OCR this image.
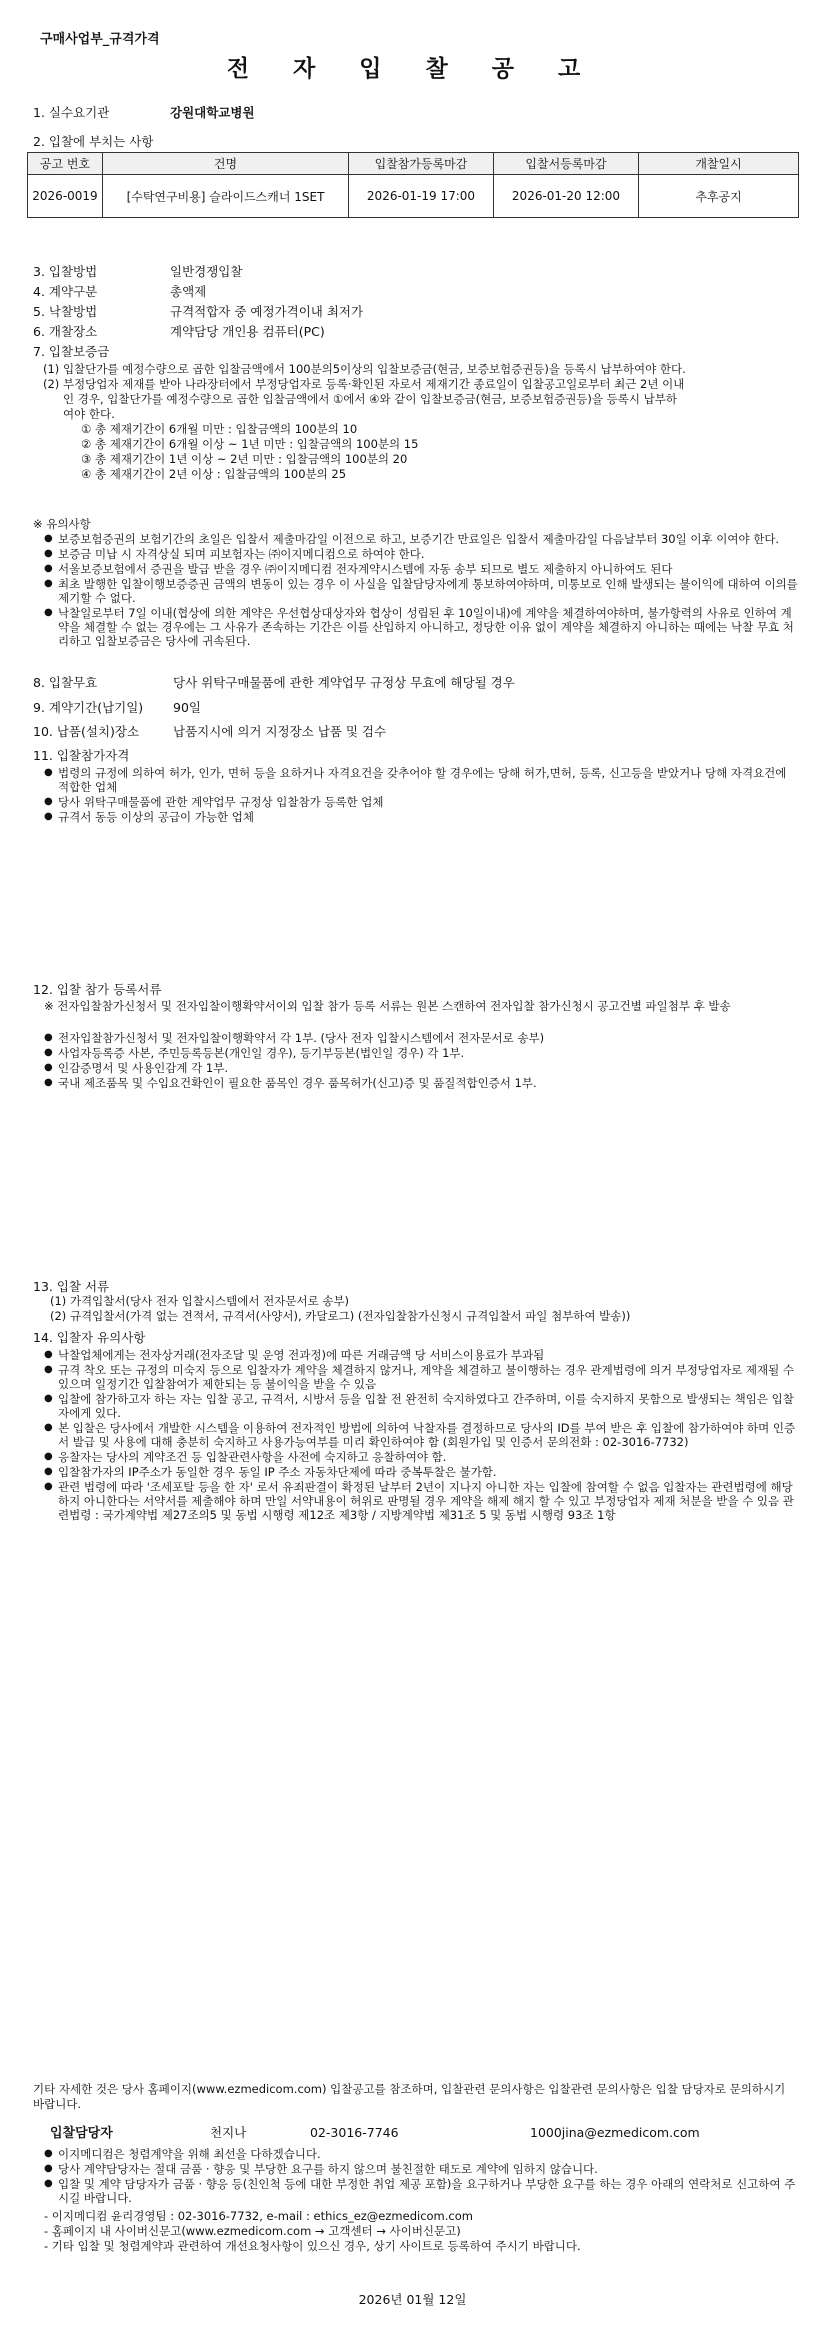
구매사업부_규격가격
전 자 입 찰 공 고
1. 실수요기관	강원대학교병원
2. 입찰에 부치는 사항
공고 번호	건명	입찰참가등록마감	입찰서등록마감	개찰일시
2026-0019	[수탁연구비용] 슬라이드스캐너 1SET	2026-01-19 17:00	2026-01-20 12:00	추후공지
3. 입찰방법	일반경쟁입찰
4. 계약구분	총액제
5. 낙찰방법	규격적합자 중 예정가격이내 최저가
6. 개찰장소	계약담당 개인용 컴퓨터(PC)
7. 입찰보증금
(1) 입찰단가를 예정수량으로 곱한 입찰금액에서 100분의5이상의 입찰보증금(현금, 보증보험증권등)을 등록시 납부하여야 한다.
(2) 부정당업자 제재를 받아 나라장터에서 부정당업자로 등록·확인된 자로서 제재기간 종료일이 입찰공고일로부터 최근 2년 이내
인 경우, 입찰단가를 예정수량으로 곱한 입찰금액에서 ①에서 ④와 같이 입찰보증금(현금, 보증보험증권등)을 등록시 납부하
여야 한다.
① 총 제재기간이 6개월 미만 : 입찰금액의 100분의 10
② 총 제재기간이 6개월 이상 ~ 1년 미만 : 입찰금액의 100분의 15
③ 총 제재기간이 1년 이상 ~ 2년 미만 : 입찰금액의 100분의 20
④ 총 제재기간이 2년 이상 : 입찰금액의 100분의 25
※ 유의사항
● 보증보험증권의 보험기간의 초일은 입찰서 제출마감일 이전으로 하고, 보증기간 만료일은 입찰서 제출마감일 다음날부터 30일 이후 이여야 한다.
● 보증금 미납 시 자격상실 되며 피보험자는 ㈜이지메디컴으로 하여야 한다.
● 서울보증보험에서 증권을 발급 받을 경우 ㈜이지메디컴 전자계약시스템에 자동 송부 되므로 별도 제출하지 아니하여도 된다
● 최초 발행한 입찰이행보증증권 금액의 변동이 있는 경우 이 사실을 입찰담당자에게 통보하여야하며, 미통보로 인해 발생되는 불이익에 대하여 이의를 제기할 수 없다.
● 낙찰일로부터 7일 이내(협상에 의한 계약은 우선협상대상자와 협상이 성립된 후 10일이내)에 계약을 체결하여야하며, 불가항력의 사유로 인하여 계약을 체결할 수 없는 경우에는 그 사유가 존속하는 기간은 이를 산입하지 아니하고, 정당한 이유 없이 계약을 체결하지 아니하는 때에는 낙찰 무효 처리하고 입찰보증금은 당사에 귀속된다.
8. 입찰무효	당사 위탁구매물품에 관한 계약업무 규정상 무효에 해당될 경우
9. 계약기간(납기일) 90일
10. 납품(설치)장소	납품지시에 의거 지정장소 납품 및 검수
11. 입찰참가자격
● 법령의 규정에 의하여 허가, 인가, 면허 등을 요하거나 자격요건을 갖추어야 할 경우에는 당해 허가,면허, 등록, 신고등을 받았거나 당해 자격요건에 적합한 업체
● 당사 위탁구매물품에 관한 계약업무 규정상 입찰참가 등록한 업체
● 규격서 동등 이상의 공급이 가능한 업체
12. 입찰 참가 등록서류
※ 전자입찰참가신청서 및 전자입찰이행확약서이외 입찰 참가 등록 서류는 원본 스캔하여 전자입찰 참가신청시 공고건별 파일첨부 후 발송
● 전자입찰참가신청서 및 전자입찰이행확약서 각 1부. (당사 전자 입찰시스템에서 전자문서로 송부)
● 사업자등록증 사본, 주민등록등본(개인일 경우), 등기부등본(법인일 경우) 각 1부.
● 인감증명서 및 사용인감계 각 1부.
● 국내 제조품목 및 수입요건확인이 필요한 품목인 경우 품목허가(신고)증 및 품질적합인증서 1부.
13. 입찰 서류
(1) 가격입찰서(당사 전자 입찰시스템에서 전자문서로 송부)
(2) 규격입찰서(가격 없는 견적서, 규격서(사양서), 카달로그) (전자입찰참가신청시 규격입찰서 파일 첨부하여 발송))
14. 입찰자 유의사항
● 낙찰업체에게는 전자상거래(전자조달 및 운영 전과정)에 따른 거래금액 당 서비스이용료가 부과됨
● 규격 착오 또는 규정의 미숙지 등으로 입찰자가 계약을 체결하지 않거나, 계약을 체결하고 불이행하는 경우 관계법령에 의거 부정당업자로 제재될 수 있으며 일정기간 입찰참여가 제한되는 등 불이익을 받을 수 있음
● 입찰에 참가하고자 하는 자는 입찰 공고, 규격서, 시방서 등을 입찰 전 완전히 숙지하였다고 간주하며, 이를 숙지하지 못함으로 발생되는 책임은 입찰자에게 있다.
● 본 입찰은 당사에서 개발한 시스템을 이용하여 전자적인 방법에 의하여 낙찰자를 결정하므로 당사의 ID를 부여 받은 후 입찰에 참가하여야 하며 인증서 발급 및 사용에 대해 충분히 숙지하고 사용가능여부를 미리 확인하여야 함 (회원가입 및 인증서 문의전화 : 02-3016-7732)
● 응찰자는 당사의 계약조건 등 입찰관련사항을 사전에 숙지하고 응찰하여야 함.
● 입찰참가자의 IP주소가 동일한 경우 동일 IP 주소 자동차단제에 따라 중복투찰은 불가함.
● 관련 법령에 따라 '조세포탈 등을 한 자' 로서 유죄판결이 확정된 날부터 2년이 지나지 아니한 자는 입찰에 참여할 수 없음 입찰자는 관련법령에 해당하지 아니한다는 서약서를 제출해야 하며 만일 서약내용이 허위로 판명될 경우 계약을 해제 해지 할 수 있고 부정당업자 제재 처분을 받을 수 있음 관련법령 : 국가계약법 제27조의5 및 동법 시행령 제12조 제3항 / 지방계약법 제31조 5 및 동법 시행령 93조 1항
기타 자세한 것은 당사 홈페이지(www.ezmedicom.com) 입찰공고를 참조하며, 입찰관련 문의사항은 입찰관련 문의사항은 입찰 담당자로 문의하시기 바랍니다.
입찰담당자	천지나	02-3016-7746	1000jina@ezmedicom.com
● 이지메디컴은 청렴계약을 위해 최선을 다하겠습니다.
● 당사 계약담당자는 절대 금품 · 향응 및 부당한 요구를 하지 않으며 불친절한 태도로 계약에 임하지 않습니다.
● 입찰 및 계약 담당자가 금품 · 향응 등(친인척 등에 대한 부정한 취업 제공 포함)을 요구하거나 부당한 요구를 하는 경우 아래의 연락처로 신고하여 주시길 바랍니다.
- 이지메디컴 윤리경영팀 : 02-3016-7732, e-mail : ethics_ez@ezmedicom.com
- 홈페이지 내 사이버신문고(www.ezmedicom.com → 고객센터 → 사이버신문고)
- 기타 입찰 및 청렴계약과 관련하여 개선요청사항이 있으신 경우, 상기 사이트로 등록하여 주시기 바랍니다.
2026년 01월 12일
